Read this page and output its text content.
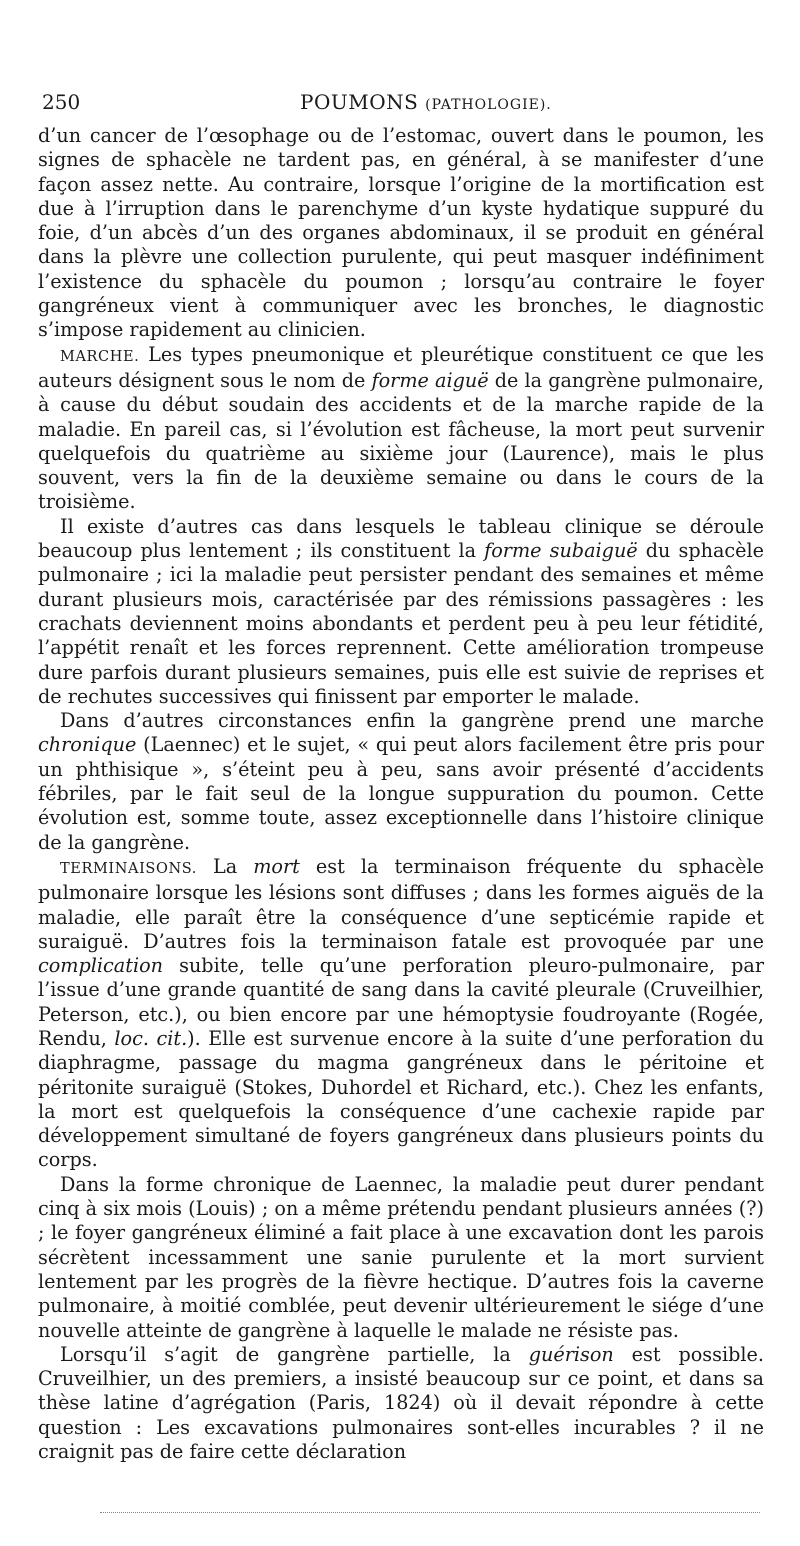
250	POUMONS (PATHOLOGIE).

d’un cancer de l’œsophage ou de l’estomac, ouvert dans le poumon, les signes de sphacèle ne tardent pas, en général, à se manifester d’une façon assez nette. Au contraire, lorsque l’origine de la mortification est due à l’irruption dans le parenchyme d’un kyste hydatique suppuré du foie, d’un abcès d’un des organes abdominaux, il se produit en général dans la plèvre une collection purulente, qui peut masquer indéfiniment l’existence du sphacèle du poumon ; lorsqu’au contraire le foyer gangréneux vient à communiquer avec les bronches, le diagnostic s’impose rapidement au clinicien.

MARCHE. Les types pneumonique et pleurétique constituent ce que les auteurs désignent sous le nom de forme aiguë de la gangrène pulmonaire, à cause du début soudain des accidents et de la marche rapide de la maladie. En pareil cas, si l’évolution est fâcheuse, la mort peut survenir quelquefois du quatrième au sixième jour (Laurence), mais le plus souvent, vers la fin de la deuxième semaine ou dans le cours de la troisième.

Il existe d’autres cas dans lesquels le tableau clinique se déroule beaucoup plus lentement ; ils constituent la forme subaiguë du sphacèle pulmonaire ; ici la maladie peut persister pendant des semaines et même durant plusieurs mois, caractérisée par des rémissions passagères : les crachats deviennent moins abondants et perdent peu à peu leur fétidité, l’appétit renaît et les forces reprennent. Cette amélioration trompeuse dure parfois durant plusieurs semaines, puis elle est suivie de reprises et de rechutes successives qui finissent par emporter le malade.

Dans d’autres circonstances enfin la gangrène prend une marche chronique (Laennec) et le sujet, « qui peut alors facilement être pris pour un phthisique », s’éteint peu à peu, sans avoir présenté d’accidents fébriles, par le fait seul de la longue suppuration du poumon. Cette évolution est, somme toute, assez exceptionnelle dans l’histoire clinique de la gangrène.

TERMINAISONS. La mort est la terminaison fréquente du sphacèle pulmonaire lorsque les lésions sont diffuses ; dans les formes aiguës de la maladie, elle paraît être la conséquence d’une septicémie rapide et suraiguë. D’autres fois la terminaison fatale est provoquée par une complication subite, telle qu’une perforation pleuro-pulmonaire, par l’issue d’une grande quantité de sang dans la cavité pleurale (Cruveilhier, Peterson, etc.), ou bien encore par une hémoptysie foudroyante (Rogée, Rendu, loc. cit.). Elle est survenue encore à la suite d’une perforation du diaphragme, passage du magma gangréneux dans le péritoine et péritonite suraiguë (Stokes, Duhordel et Richard, etc.). Chez les enfants, la mort est quelquefois la conséquence d’une cachexie rapide par développement simultané de foyers gangréneux dans plusieurs points du corps.

Dans la forme chronique de Laennec, la maladie peut durer pendant cinq à six mois (Louis) ; on a même prétendu pendant plusieurs années (?) ; le foyer gangréneux éliminé a fait place à une excavation dont les parois sécrètent incessamment une sanie purulente et la mort survient lentement par les progrès de la fièvre hectique. D’autres fois la caverne pulmonaire, à moitié comblée, peut devenir ultérieurement le siége d’une nouvelle atteinte de gangrène à laquelle le malade ne résiste pas.

Lorsqu’il s’agit de gangrène partielle, la guérison est possible. Cruveilhier, un des premiers, a insisté beaucoup sur ce point, et dans sa thèse latine d’agrégation (Paris, 1824) où il devait répondre à cette question : Les excavations pulmonaires sont-elles incurables ? il ne craignit pas de faire cette déclaration
